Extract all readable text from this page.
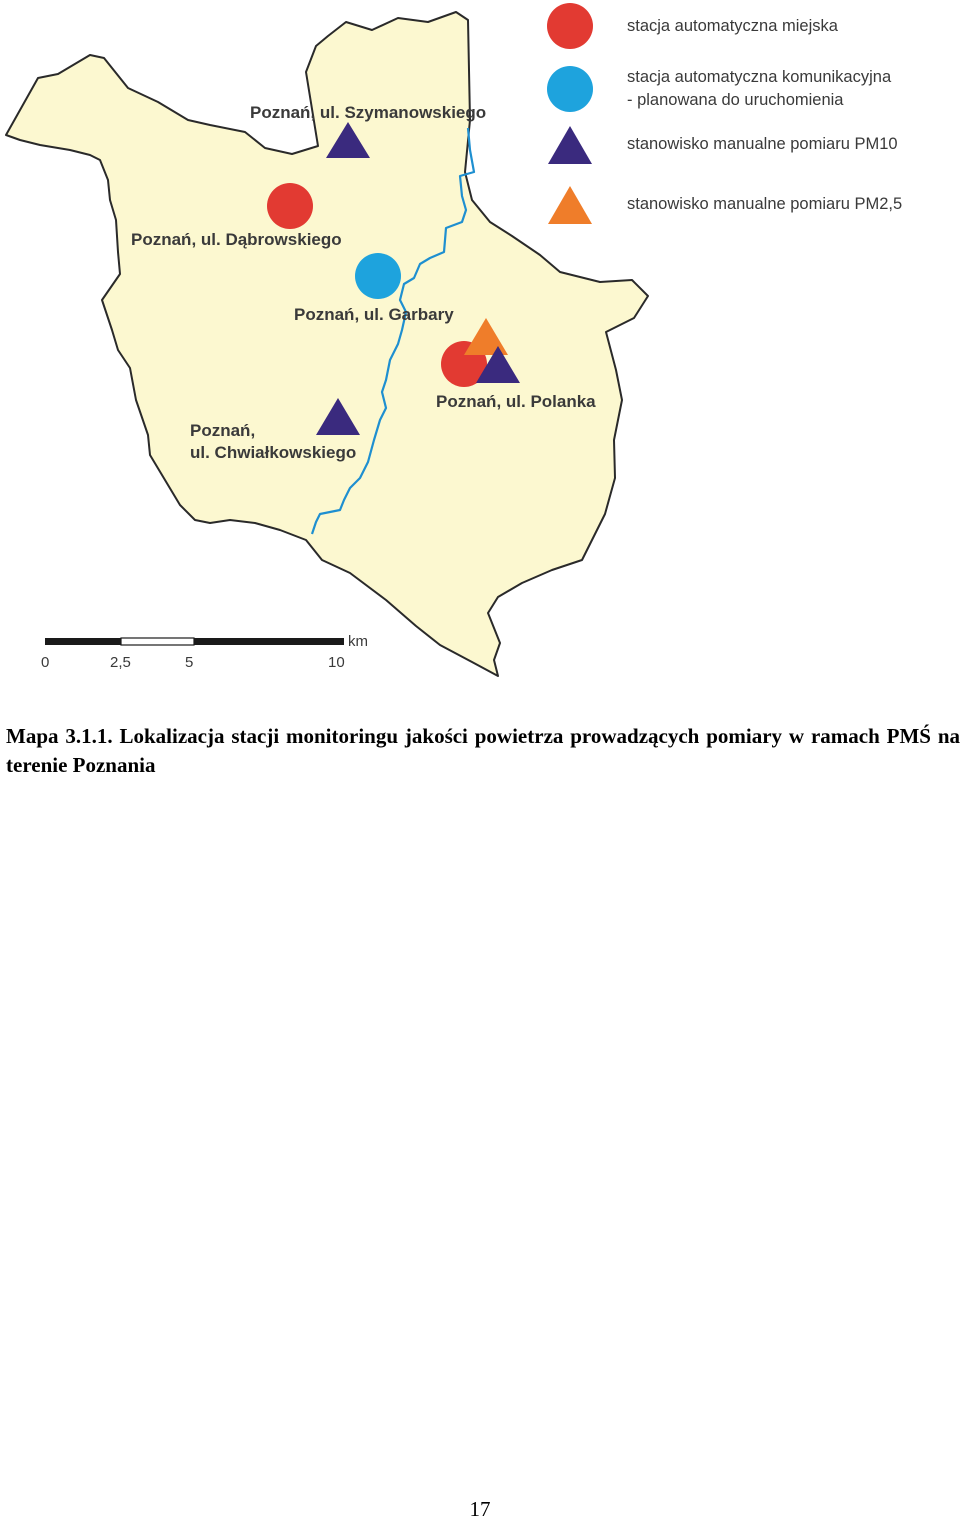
Poznań, ul. Szymanowskiego
Poznań, ul. Dąbrowskiego
Poznań, ul. Garbary
Poznań, ul. Polanka
Poznań,
ul. Chwiałkowskiego
stacja automatyczna miejska
stacja automatyczna komunikacyjna
- planowana do uruchomienia
stanowisko manualne pomiaru PM10
stanowisko manualne pomiaru PM2,5
km
0	2,5	5	10
Mapa 3.1.1. Lokalizacja stacji monitoringu jakości powietrza prowadzących pomiary w ramach PMŚ na terenie Poznania
17
